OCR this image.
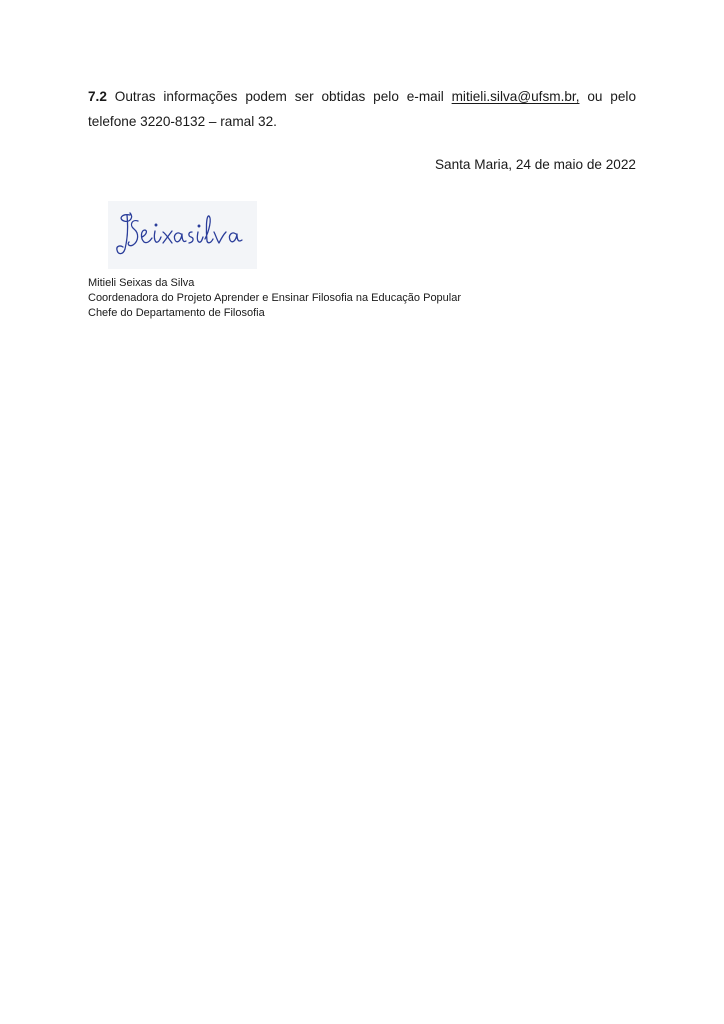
7.2 Outras informações podem ser obtidas pelo e-mail mitieli.silva@ufsm.br, ou pelo telefone 3220-8132 – ramal 32.

Santa Maria, 24 de maio de 2022

Mitieli Seixas da Silva
Coordenadora do Projeto Aprender e Ensinar Filosofia na Educação Popular
Chefe do Departamento de Filosofia
